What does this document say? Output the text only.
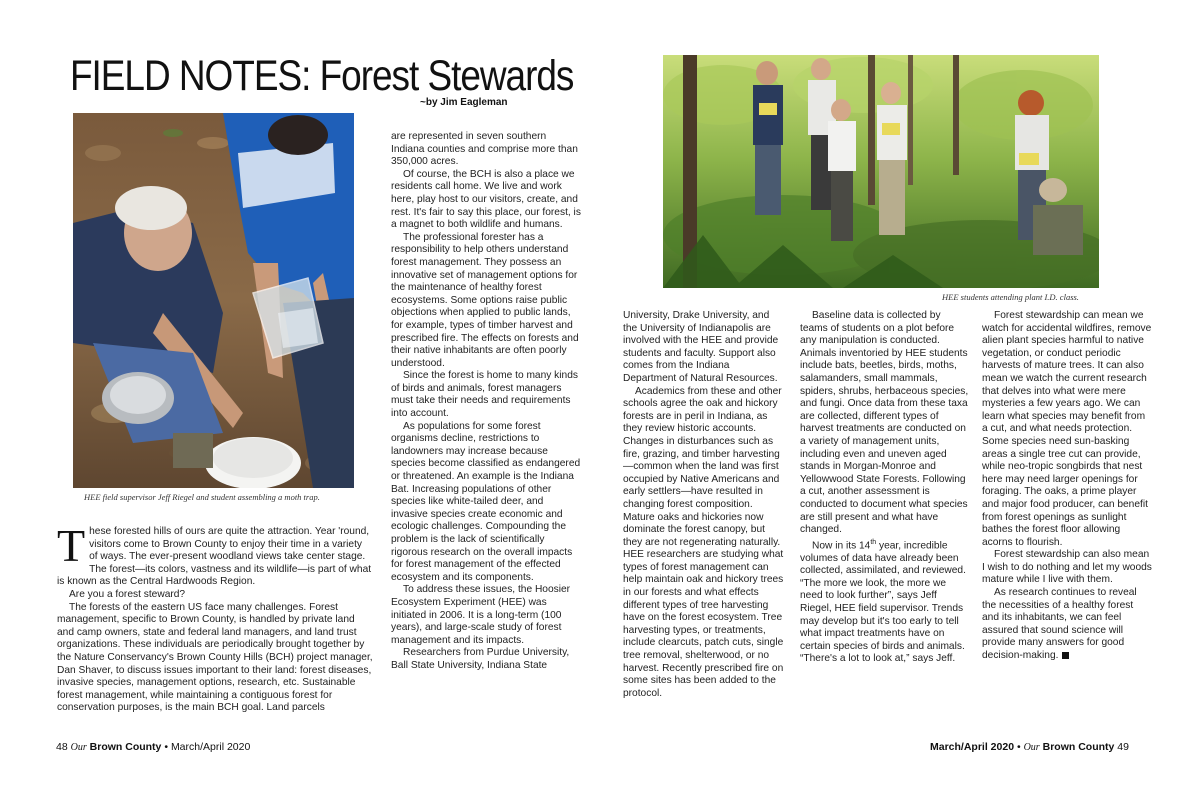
FIELD NOTES: Forest Stewards
~by Jim Eagleman
HEE field supervisor Jeff Riegel and student assembling a moth trap.

These forested hills of ours are quite the attraction. Year 'round, visitors come to Brown County to enjoy their time in a variety of ways. The ever-present woodland views take center stage. The forest—its colors, vastness and its wildlife—is part of what is known as the Central Hardwoods Region.

Are you a forest steward?

The forests of the eastern US face many challenges. Forest management, specific to Brown County, is handled by private land and camp owners, state and federal land managers, and land trust organizations. These individuals are periodically brought together by the Nature Conservancy's Brown County Hills (BCH) project manager, Dan Shaver, to discuss issues important to their land: forest diseases, invasive species, management options, research, etc. Sustainable forest management, while maintaining a contiguous forest for conservation purposes, is the main BCH goal. Land parcels

are represented in seven southern Indiana counties and comprise more than 350,000 acres.

Of course, the BCH is also a place we residents call home. We live and work here, play host to our visitors, create, and rest. It's fair to say this place, our forest, is a magnet to both wildlife and humans.

The professional forester has a responsibility to help others understand forest management. They possess an innovative set of management options for the maintenance of healthy forest ecosystems. Some options raise public objections when applied to public lands, for example, types of timber harvest and prescribed fire. The effects on forests and their native inhabitants are often poorly understood.

Since the forest is home to many kinds of birds and animals, forest managers must take their needs and requirements into account.

As populations for some forest organisms decline, restrictions to landowners may increase because species become classified as endangered or threatened. An example is the Indiana Bat. Increasing populations of other species like white-tailed deer, and invasive species create economic and ecologic challenges. Compounding the problem is the lack of scientifically rigorous research on the overall impacts for forest management of the effected ecosystem and its components.

To address these issues, the Hoosier Ecosystem Experiment (HEE) was initiated in 2006. It is a long-term (100 years), and large-scale study of forest management and its impacts.

Researchers from Purdue University, Ball State University, Indiana State

48 Our Brown County • March/April 2020
HEE students attending plant I.D. class.

University, Drake University, and the University of Indianapolis are involved with the HEE and provide students and faculty. Support also comes from the Indiana Department of Natural Resources.

Academics from these and other schools agree the oak and hickory forests are in peril in Indiana, as they review historic accounts. Changes in disturbances such as fire, grazing, and timber harvesting—common when the land was first occupied by Native Americans and early settlers—have resulted in changing forest composition. Mature oaks and hickories now dominate the forest canopy, but they are not regenerating naturally. HEE researchers are studying what types of forest management can help maintain oak and hickory trees in our forests and what effects different types of tree harvesting have on the forest ecosystem. Tree harvesting types, or treatments, include clearcuts, patch cuts, single tree removal, shelterwood, or no harvest. Recently prescribed fire on some sites has been added to the protocol.

Baseline data is collected by teams of students on a plot before any manipulation is conducted. Animals inventoried by HEE students include bats, beetles, birds, moths, salamanders, small mammals, spiders, shrubs, herbaceous species, and fungi. Once data from these taxa are collected, different types of harvest treatments are conducted on a variety of management units, including even and uneven aged stands in Morgan-Monroe and Yellowwood State Forests. Following a cut, another assessment is conducted to document what species are still present and what have changed.

Now in its 14th year, incredible volumes of data have already been collected, assimilated, and reviewed. “The more we look, the more we need to look further”, says Jeff Riegel, HEE field supervisor. Trends may develop but it's too early to tell what impact treatments have on certain species of birds and animals. “There's a lot to look at,” says Jeff.

Forest stewardship can mean we watch for accidental wildfires, remove alien plant species harmful to native vegetation, or conduct periodic harvests of mature trees. It can also mean we watch the current research that delves into what were mere mysteries a few years ago. We can learn what species may benefit from a cut, and what needs protection. Some species need sun-basking areas a single tree cut can provide, while neo-tropic songbirds that nest here may need larger openings for foraging. The oaks, a prime player and major food producer, can benefit from forest openings as sunlight bathes the forest floor allowing acorns to flourish.

Forest stewardship can also mean I wish to do nothing and let my woods mature while I live with them.

As research continues to reveal the necessities of a healthy forest and its inhabitants, we can feel assured that sound science will provide many answers for good decision-making.

March/April 2020 • Our Brown County 49
